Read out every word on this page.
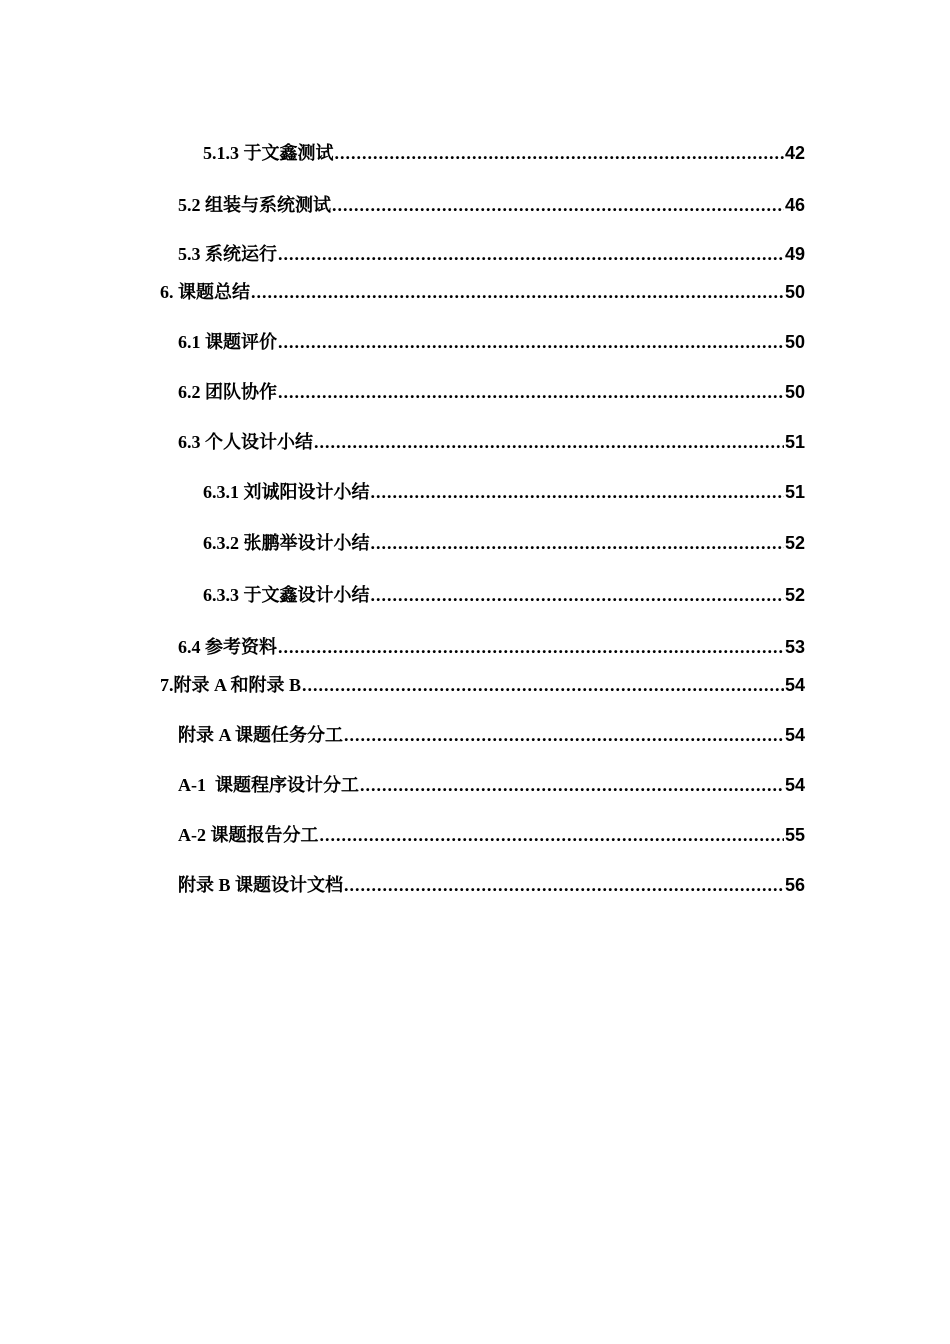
5.1.3 于文鑫测试 .....	42
5.2 组装与系统测试 .....	46
5.3 系统运行 .....	49
6. 课题总结 .....	50
6.1 课题评价 .....	50
6.2 团队协作 .....	50
6.3 个人设计小结 .....	51
6.3.1 刘诚阳设计小结 .....	51
6.3.2 张鹏举设计小结 .....	52
6.3.3 于文鑫设计小结 .....	52
6.4 参考资料 .....	53
7.附录 A 和附录 B .....	54
附录 A 课题任务分工 .....	54
A-1  课题程序设计分工 .....	54
A-2 课题报告分工 .....	55
附录 B 课题设计文档 .....	56
